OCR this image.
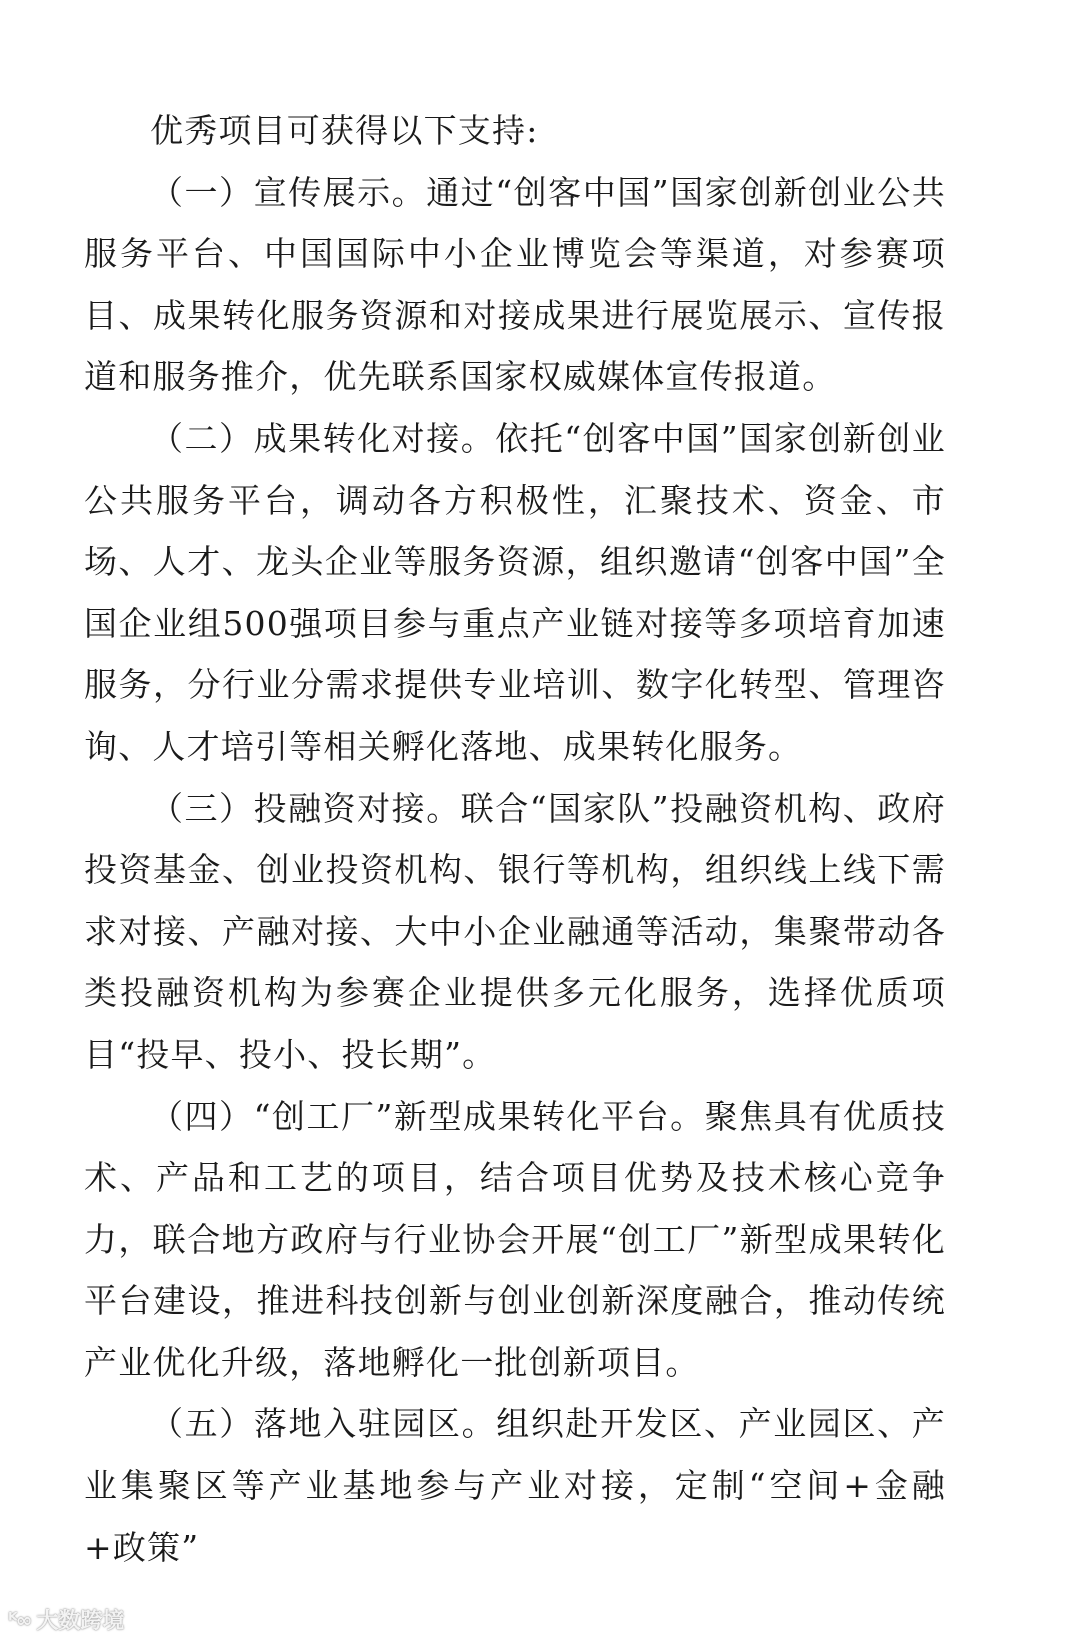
优秀项目可获得以下支持:

（一）宣传展示。通过“创客中国”国家创新创业公共服务平台、中国国际中小企业博览会等渠道，对参赛项目、成果转化服务资源和对接成果进行展览展示、宣传报道和服务推介，优先联系国家权威媒体宣传报道。

（二）成果转化对接。依托“创客中国”国家创新创业公共服务平台，调动各方积极性，汇聚技术、资金、市场、人才、龙头企业等服务资源，组织邀请“创客中国”全国企业组500强项目参与重点产业链对接等多项培育加速服务，分行业分需求提供专业培训、数字化转型、管理咨询、人才培引等相关孵化落地、成果转化服务。

（三）投融资对接。联合“国家队”投融资机构、政府投资基金、创业投资机构、银行等机构，组织线上线下需求对接、产融对接、大中小企业融通等活动，集聚带动各类投融资机构为参赛企业提供多元化服务，选择优质项目“投早、投小、投长期”。

（四）“创工厂”新型成果转化平台。聚焦具有优质技术、产品和工艺的项目，结合项目优势及技术核心竞争力，联合地方政府与行业协会开展“创工厂”新型成果转化平台建设，推进科技创新与创业创新深度融合，推动传统产业优化升级，落地孵化一批创新项目。

（五）落地入驻园区。组织赴开发区、产业园区、产业集聚区等产业基地参与产业对接，定制“空间+金融+政策”

ᴷ∞ 大数跨境
